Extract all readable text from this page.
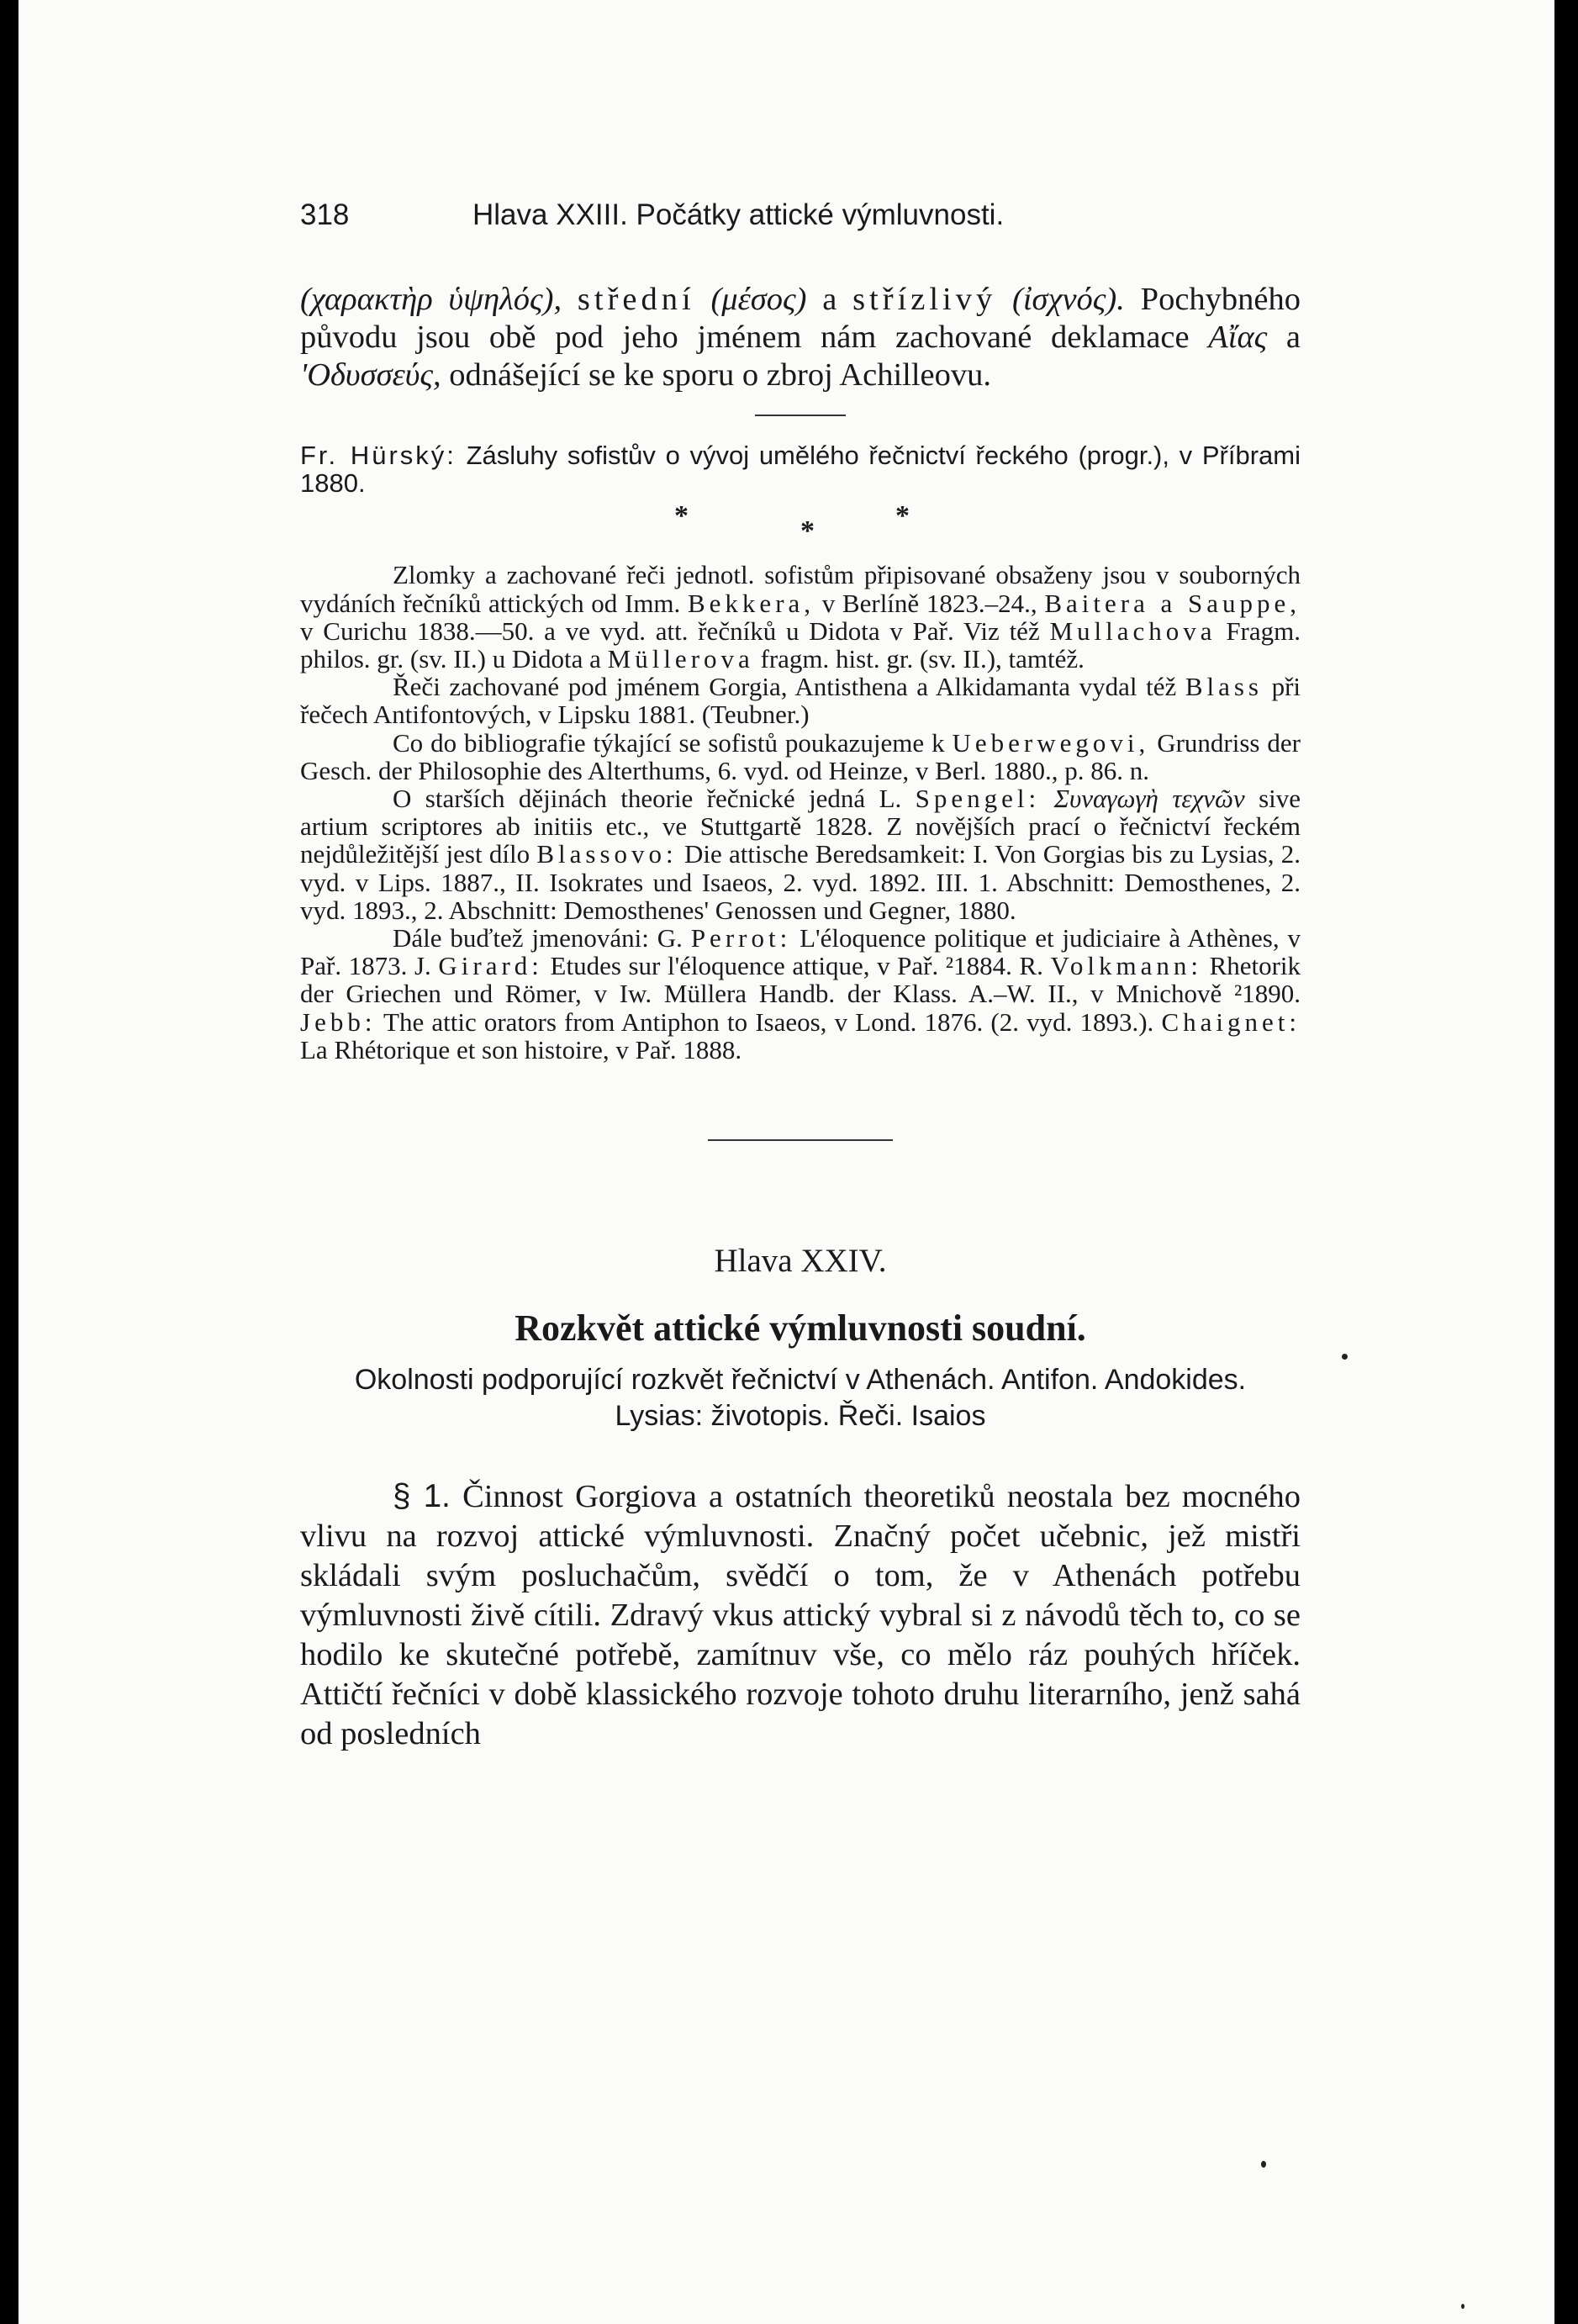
318	Hlava XXIII. Počátky attické výmluvnosti.

(χαρακτὴρ ὑψηλός), střední (μέσος) a střízlivý (ἰσχνός). Pochybného původu jsou obě pod jeho jménem nám zachované deklamace Αἴας a 'Οδυσσεύς, odnášející se ke sporu o zbroj Achilleovu.

Fr. Hürský: Zásluhy sofistův o vývoj umělého řečnictví řeckého (progr.), v Příbrami 1880.

*	*	*

Zlomky a zachované řeči jednotl. sofistům připisované obsaženy jsou v souborných vydáních řečníků attických od Imm. Bekkera, v Berlíně 1823.–24., Baitera a Sauppe, v Curichu 1838.—50. a ve vyd. att. řečníků u Didota v Pař. Viz též Mullachova Fragm. philos. gr. (sv. II.) u Didota a Müllerova fragm. hist. gr. (sv. II.), tamtéž.

Řeči zachované pod jménem Gorgia, Antisthena a Alkidamanta vydal též Blass při řečech Antifontových, v Lipsku 1881. (Teubner.)

Co do bibliografie týkající se sofistů poukazujeme k Ueberwegovi, Grundriss der Gesch. der Philosophie des Alterthums, 6. vyd. od Heinze, v Berl. 1880., p. 86. n.

O starších dějinách theorie řečnické jedná L. Spengel: Συναγωγὴ τεχνῶν sive artium scriptores ab initiis etc., ve Stuttgartě 1828. Z novějších prací o řečnictví řeckém nejdůležitější jest dílo Blassovo: Die attische Beredsamkeit: I. Von Gorgias bis zu Lysias, 2. vyd. v Lips. 1887., II. Isokrates und Isaeos, 2. vyd. 1892. III. 1. Abschnitt: Demosthenes, 2. vyd. 1893., 2. Abschnitt: Demosthenes' Genossen und Gegner, 1880.

Dále buďtež jmenováni: G. Perrot: L'éloquence politique et judiciaire à Athènes, v Pař. 1873. J. Girard: Etudes sur l'éloquence attique, v Pař. ²1884. R. Volkmann: Rhetorik der Griechen und Römer, v Iw. Müllera Handb. der Klass. A.–W. II., v Mnichově ²1890. Jebb: The attic orators from Antiphon to Isaeos, v Lond. 1876. (2. vyd. 1893.). Chaignet: La Rhétorique et son histoire, v Pař. 1888.

Hlava XXIV.
Rozkvět attické výmluvnosti soudní.
Okolnosti podporující rozkvět řečnictví v Athenách. Antifon. Andokides.
Lysias: životopis. Řeči. Isaios

§ 1. Činnost Gorgiova a ostatních theoretiků neostala bez mocného vlivu na rozvoj attické výmluvnosti. Značný počet učebnic, jež mistři skládali svým posluchačům, svědčí o tom, že v Athenách potřebu výmluvnosti živě cítili. Zdravý vkus attický vybral si z návodů těch to, co se hodilo ke skutečné potřebě, zamítnuv vše, co mělo ráz pouhých hříček. Attičtí řečníci v době klassického rozvoje tohoto druhu literarního, jenž sahá od posledních
